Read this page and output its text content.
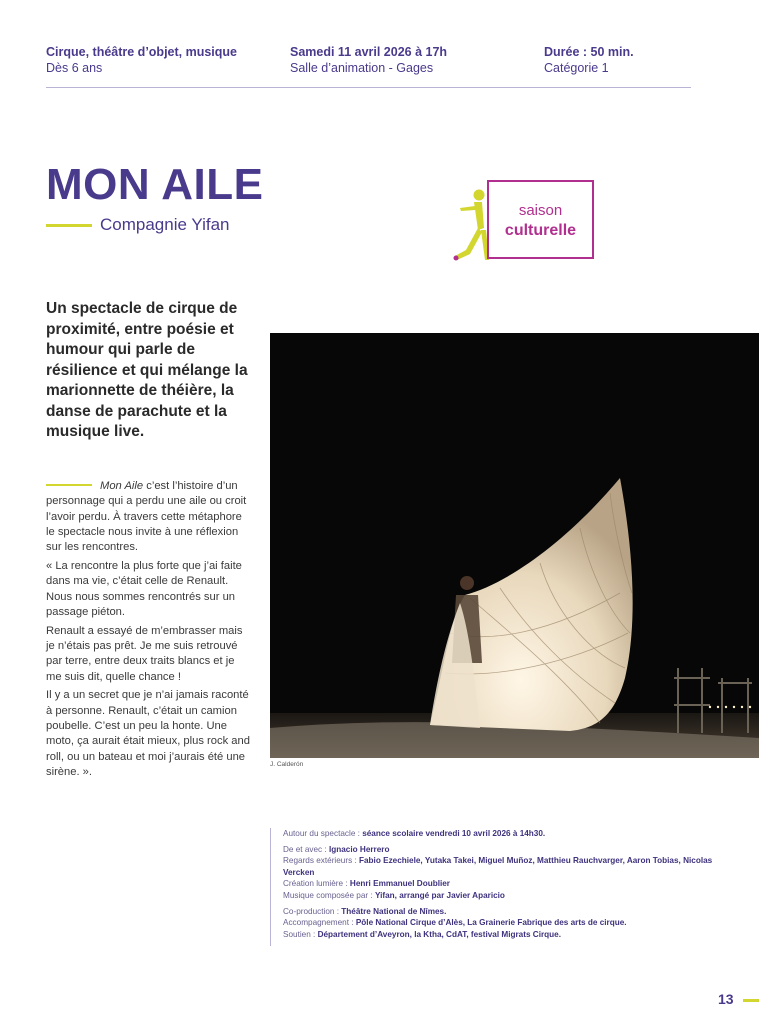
Cirque, théâtre d’objet, musique
Dès 6 ans
Samedi 11 avril 2026 à 17h
Salle d’animation - Gages
Durée : 50 min.
Catégorie 1
MON AILE
Compagnie Yifan
saison
culturelle
Un spectacle de cirque de proximité, entre poésie et humour qui parle de résilience et qui mélange la marionnette de théière, la danse de parachute et la musique live.

Mon Aile c’est l’histoire d’un personnage qui a perdu une aile ou croit l’avoir perdu. À travers cette métaphore le spectacle nous invite à une réflexion sur les rencontres.

« La rencontre la plus forte que j’ai faite dans ma vie, c’était celle de Renault. Nous nous sommes rencontrés sur un passage piéton.

Renault a essayé de m’embrasser mais je n’étais pas prêt. Je me suis retrouvé par terre, entre deux traits blancs et je me suis dit, quelle chance !

Il y a un secret que je n’ai jamais raconté à personne. Renault, c’était un camion poubelle. C’est un peu la honte. Une moto, ça aurait était mieux, plus rock and roll, ou un bateau et moi j’aurais été une sirène. ».

J. Calderón
Autour du spectacle : séance scolaire vendredi 10 avril 2026 à 14h30.
De et avec : Ignacio Herrero
Regards extérieurs : Fabio Ezechiele, Yutaka Takei, Miguel Muñoz, Matthieu Rauchvarger, Aaron Tobias, Nicolas Vercken
Création lumière : Henri Emmanuel Doublier
Musique composée par : Yifan, arrangé par Javier Aparicio
Co-production : Théâtre National de Nîmes.
Accompagnement : Pôle National Cirque d’Alès, La Grainerie Fabrique des arts de cirque.
Soutien : Département d’Aveyron, la Ktha, CdAT, festival Migrats Cirque.
13
